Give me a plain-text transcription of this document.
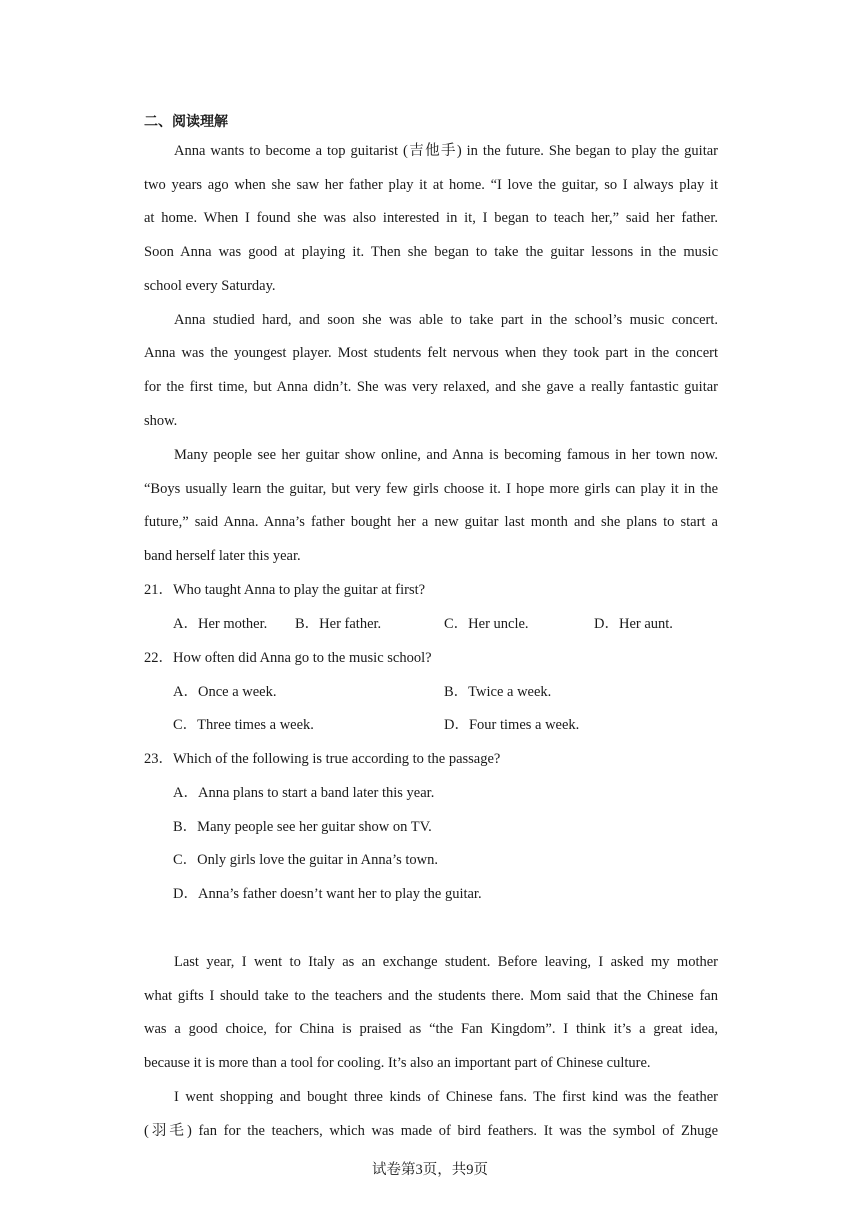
二、阅读理解
Anna wants to become a top guitarist (吉他手) in the future. She began to play the guitar
two years ago when she saw her father play it at home. “I love the guitar, so I always play it
at home. When I found she was also interested in it, I began to teach her,” said her father.
Soon Anna was good at playing it. Then she began to take the guitar lessons in the music
school every Saturday.
Anna studied hard, and soon she was able to take part in the school’s music concert.
Anna was the youngest player. Most students felt nervous when they took part in the concert
for the first time, but Anna didn’t. She was very relaxed, and she gave a really fantastic guitar
show.
Many people see her guitar show online, and Anna is becoming famous in her town now.
“Boys usually learn the guitar, but very few girls choose it. I hope more girls can play it in the
future,” said Anna. Anna’s father bought her a new guitar last month and she plans to start a
band herself later this year.
21．Who taught Anna to play the guitar at first?
A．Her mother. B．Her father.	C．Her uncle.	D．Her aunt.
22．How often did Anna go to the music school?
A．Once a week.	B．Twice a week.
C．Three times a week.	D．Four times a week.
23．Which of the following is true according to the passage?
A．Anna plans to start a band later this year.
B．Many people see her guitar show on TV.
C．Only girls love the guitar in Anna’s town.
D．Anna’s father doesn’t want her to play the guitar.
Last year, I went to Italy as an exchange student. Before leaving, I asked my mother
what gifts I should take to the teachers and the students there. Mom said that the Chinese fan
was a good choice, for China is praised as “the Fan Kingdom”. I think it’s a great idea,
because it is more than a tool for cooling. It’s also an important part of Chinese culture.
I went shopping and bought three kinds of Chinese fans. The first kind was the feather
(羽毛) fan for the teachers, which was made of bird feathers. It was the symbol of Zhuge
试卷第3页，共9页
